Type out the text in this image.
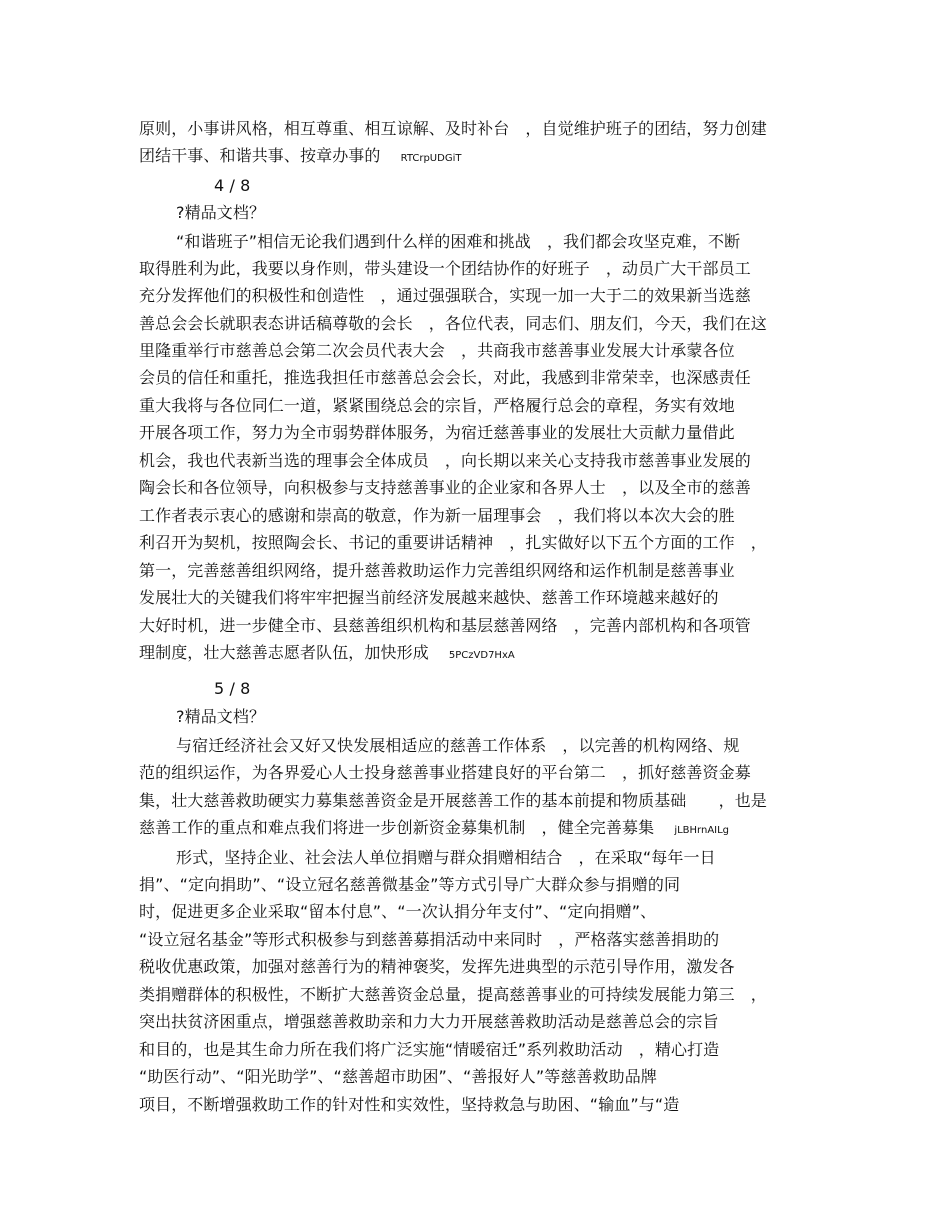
原则，小事讲风格，相互尊重、相互谅解、及时补台　，自觉维护班子的团结，努力创建
团结干事、和谐共事、按章办事的　RTCrpUDGiT
4 / 8
?精品文档？
“和谐班子”相信无论我们遇到什么样的困难和挑战　，我们都会攻坚克难，不断
取得胜利为此，我要以身作则，带头建设一个团结协作的好班子　，动员广大干部员工
充分发挥他们的积极性和创造性　，通过强强联合，实现一加一大于二的效果新当选慈
善总会会长就职表态讲话稿尊敬的会长　，各位代表，同志们、朋友们，今天，我们在这
里隆重举行市慈善总会第二次会员代表大会　，共商我市慈善事业发展大计承蒙各位
会员的信任和重托，推选我担任市慈善总会会长，对此，我感到非常荣幸，也深感责任
重大我将与各位同仁一道，紧紧围绕总会的宗旨，严格履行总会的章程，务实有效地
开展各项工作，努力为全市弱势群体服务，为宿迁慈善事业的发展壮大贡献力量借此
机会，我也代表新当选的理事会全体成员　，向长期以来关心支持我市慈善事业发展的
陶会长和各位领导，向积极参与支持慈善事业的企业家和各界人士　，以及全市的慈善
工作者表示衷心的感谢和崇高的敬意，作为新一届理事会　，我们将以本次大会的胜
利召开为契机，按照陶会长、书记的重要讲话精神　，扎实做好以下五个方面的工作　，
第一，完善慈善组织网络，提升慈善救助运作力完善组织网络和运作机制是慈善事业
发展壮大的关键我们将牢牢把握当前经济发展越来越快、慈善工作环境越来越好的
大好时机，进一步健全市、县慈善组织机构和基层慈善网络　，完善内部机构和各项管
理制度，壮大慈善志愿者队伍，加快形成　5PCzVD7HxA
5 / 8
?精品文档？
与宿迁经济社会又好又快发展相适应的慈善工作体系　，以完善的机构网络、规
范的组织运作，为各界爱心人士投身慈善事业搭建良好的平台第二　，抓好慈善资金募
集，壮大慈善救助硬实力募集慈善资金是开展慈善工作的基本前提和物质基础　　，也是
慈善工作的重点和难点我们将进一步创新资金募集机制　，健全完善募集　jLBHrnAILg
形式，坚持企业、社会法人单位捐赠与群众捐赠相结合　，在采取“每年一日
捐”、“定向捐助”、“设立冠名慈善微基金”等方式引导广大群众参与捐赠的同
时，促进更多企业采取“留本付息”、“一次认捐分年支付”、“定向捐赠”、
“设立冠名基金”等形式积极参与到慈善募捐活动中来同时　，严格落实慈善捐助的
税收优惠政策，加强对慈善行为的精神褒奖，发挥先进典型的示范引导作用，激发各
类捐赠群体的积极性，不断扩大慈善资金总量，提高慈善事业的可持续发展能力第三　，
突出扶贫济困重点，增强慈善救助亲和力大力开展慈善救助活动是慈善总会的宗旨
和目的，也是其生命力所在我们将广泛实施“情暖宿迁”系列救助活动　，精心打造
“助医行动”、“阳光助学”、“慈善超市助困”、“善报好人”等慈善救助品牌
项目，不断增强救助工作的针对性和实效性，坚持救急与助困、“输血”与“造
